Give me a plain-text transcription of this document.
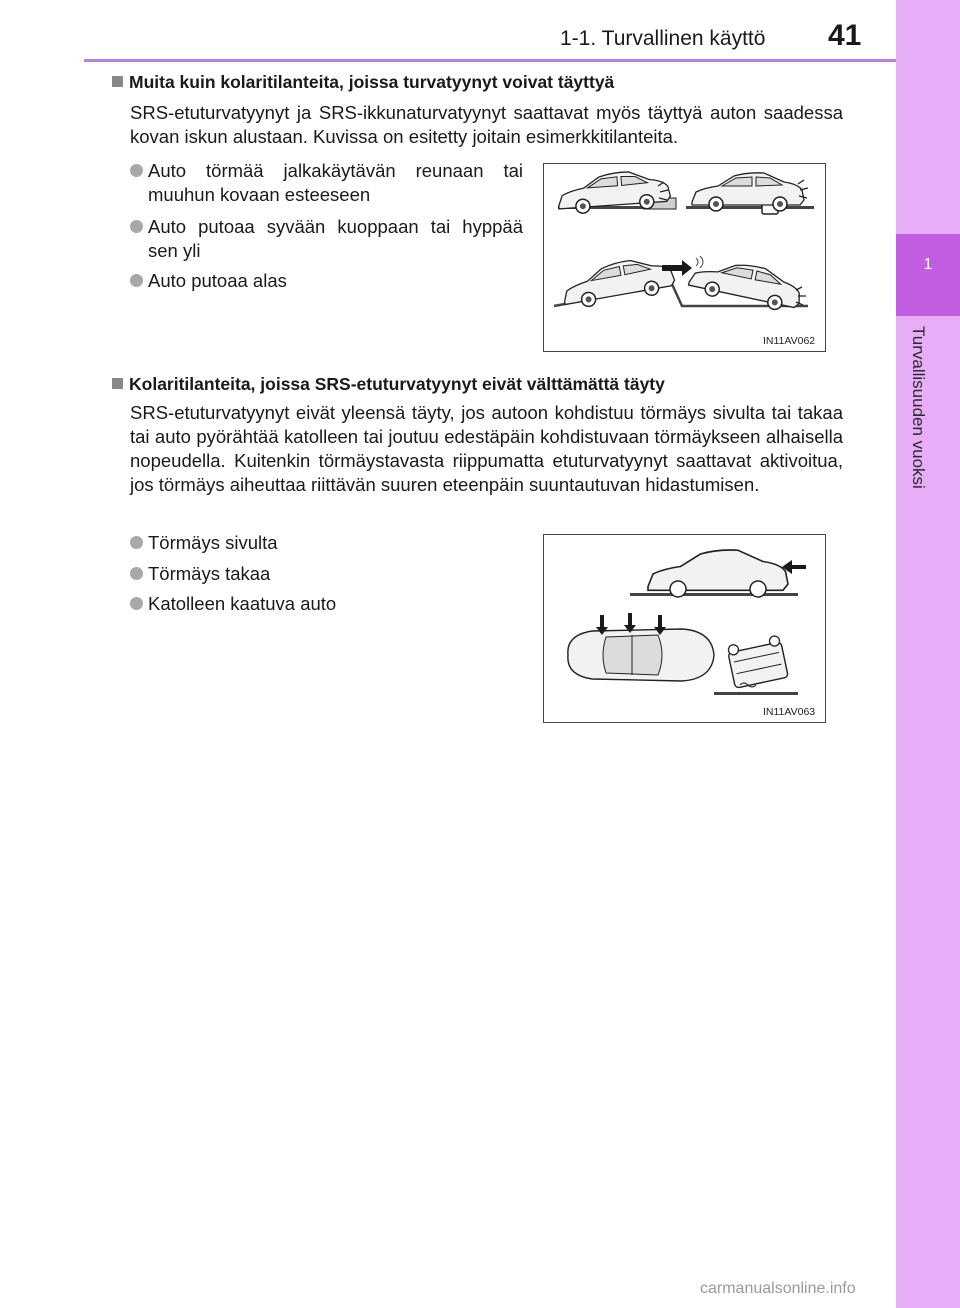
1-1. Turvallinen käyttö 41
1
Turvallisuuden vuoksi
Muita kuin kolaritilanteita, joissa turvatyynyt voivat täyttyä
SRS-etuturvatyynyt ja SRS-ikkunaturvatyynyt saattavat myös täyttyä auton saadessa kovan iskun alustaan. Kuvissa on esitetty joitain esimerkkitilanteita.
Auto törmää jalkakäytävän reunaan tai muuhun kovaan esteeseen
Auto putoaa syvään kuoppaan tai hyppää sen yli
Auto putoaa alas
IN11AV062
Kolaritilanteita, joissa SRS-etuturvatyynyt eivät välttämättä täyty
SRS-etuturvatyynyt eivät yleensä täyty, jos autoon kohdistuu törmäys sivulta tai takaa tai auto pyörähtää katolleen tai joutuu edestäpäin kohdistuvaan törmäykseen alhaisella nopeudella. Kuitenkin törmäystavasta riippumatta etuturvatyynyt saattavat aktivoitua, jos törmäys aiheuttaa riittävän suuren eteenpäin suuntautuvan hidastumisen.
Törmäys sivulta
Törmäys takaa
Katolleen kaatuva auto
IN11AV063
carmanualsonline.info
